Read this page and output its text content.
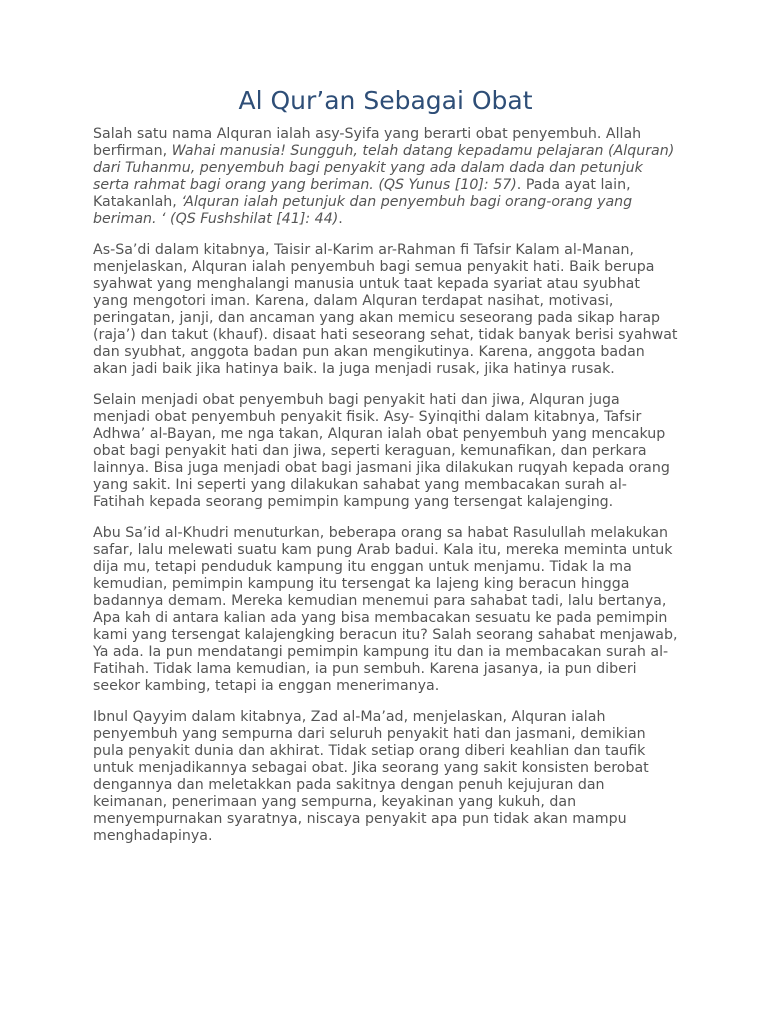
Al Qur’an Sebagai Obat

Salah satu nama Alquran ialah asy-Syifa yang berarti obat penyembuh. Allah berfirman, Wahai manusia! Sungguh, telah datang kepadamu pelajaran (Alquran) dari Tuhanmu, penyembuh bagi penyakit yang ada dalam dada dan petunjuk serta rahmat bagi orang yang beriman. (QS Yunus [10]: 57). Pada ayat lain, Katakanlah, ‘Alquran ialah petunjuk dan penyembuh bagi orang-orang yang beriman. ‘ (QS Fushshilat [41]: 44).

As-Sa’di dalam kitabnya, Taisir al-Karim ar-Rahman fi Tafsir Kalam al-Manan, menjelaskan, Alquran ialah penyembuh bagi semua penyakit hati. Baik berupa syahwat yang menghalangi manusia untuk taat kepada syariat atau syubhat yang mengotori iman. Karena, dalam Alquran terdapat nasihat, motivasi, peringatan, janji, dan ancaman yang akan memicu seseorang pada sikap harap (raja’) dan takut (khauf). disaat hati seseorang sehat, tidak banyak berisi syahwat dan syubhat, anggota badan pun akan mengikutinya. Karena, anggota badan akan jadi baik jika hatinya baik. Ia juga menjadi rusak, jika hatinya rusak.

Selain menjadi obat penyembuh bagi penyakit hati dan jiwa, Alquran juga menjadi obat penyembuh penyakit fisik. Asy- Syinqithi dalam kitabnya, Tafsir Adhwa’ al-Bayan, me nga takan, Alquran ialah obat penyembuh yang mencakup obat bagi penyakit hati dan jiwa, seperti keraguan, kemunafikan, dan perkara lainnya. Bisa juga menjadi obat bagi jasmani jika dilakukan ruqyah kepada orang yang sakit. Ini seperti yang dilakukan sahabat yang membacakan surah al-Fatihah kepada seorang pemimpin kampung yang tersengat kalajenging.

Abu Sa’id al-Khudri menuturkan, beberapa orang sa habat Rasulullah melakukan safar, lalu melewati suatu kam pung Arab badui. Kala itu, mereka meminta untuk dija mu, tetapi penduduk kampung itu enggan untuk menjamu. Tidak la ma kemudian, pemimpin kampung itu tersengat ka lajeng king beracun hingga badannya demam. Mereka kemudian menemui para sahabat tadi, lalu bertanya, Apa kah di antara kalian ada yang bisa membacakan sesuatu ke pada pemimpin kami yang tersengat kalajengking beracun itu? Salah seorang sahabat menjawab, Ya ada. Ia pun mendatangi pemimpin kampung itu dan ia membacakan surah al-Fatihah. Tidak lama kemudian, ia pun sembuh. Karena jasanya, ia pun diberi seekor kambing, tetapi ia enggan menerimanya.

Ibnul Qayyim dalam kitabnya, Zad al-Ma’ad, menjelaskan, Alquran ialah penyembuh yang sempurna dari seluruh penyakit hati dan jasmani, demikian pula penyakit dunia dan akhirat. Tidak setiap orang diberi keahlian dan taufik untuk menjadikannya sebagai obat. Jika seorang yang sakit konsisten berobat dengannya dan meletakkan pada sakitnya dengan penuh kejujuran dan keimanan, penerimaan yang sempurna, keyakinan yang kukuh, dan menyempurnakan syaratnya, niscaya penyakit apa pun tidak akan mampu menghadapinya.
